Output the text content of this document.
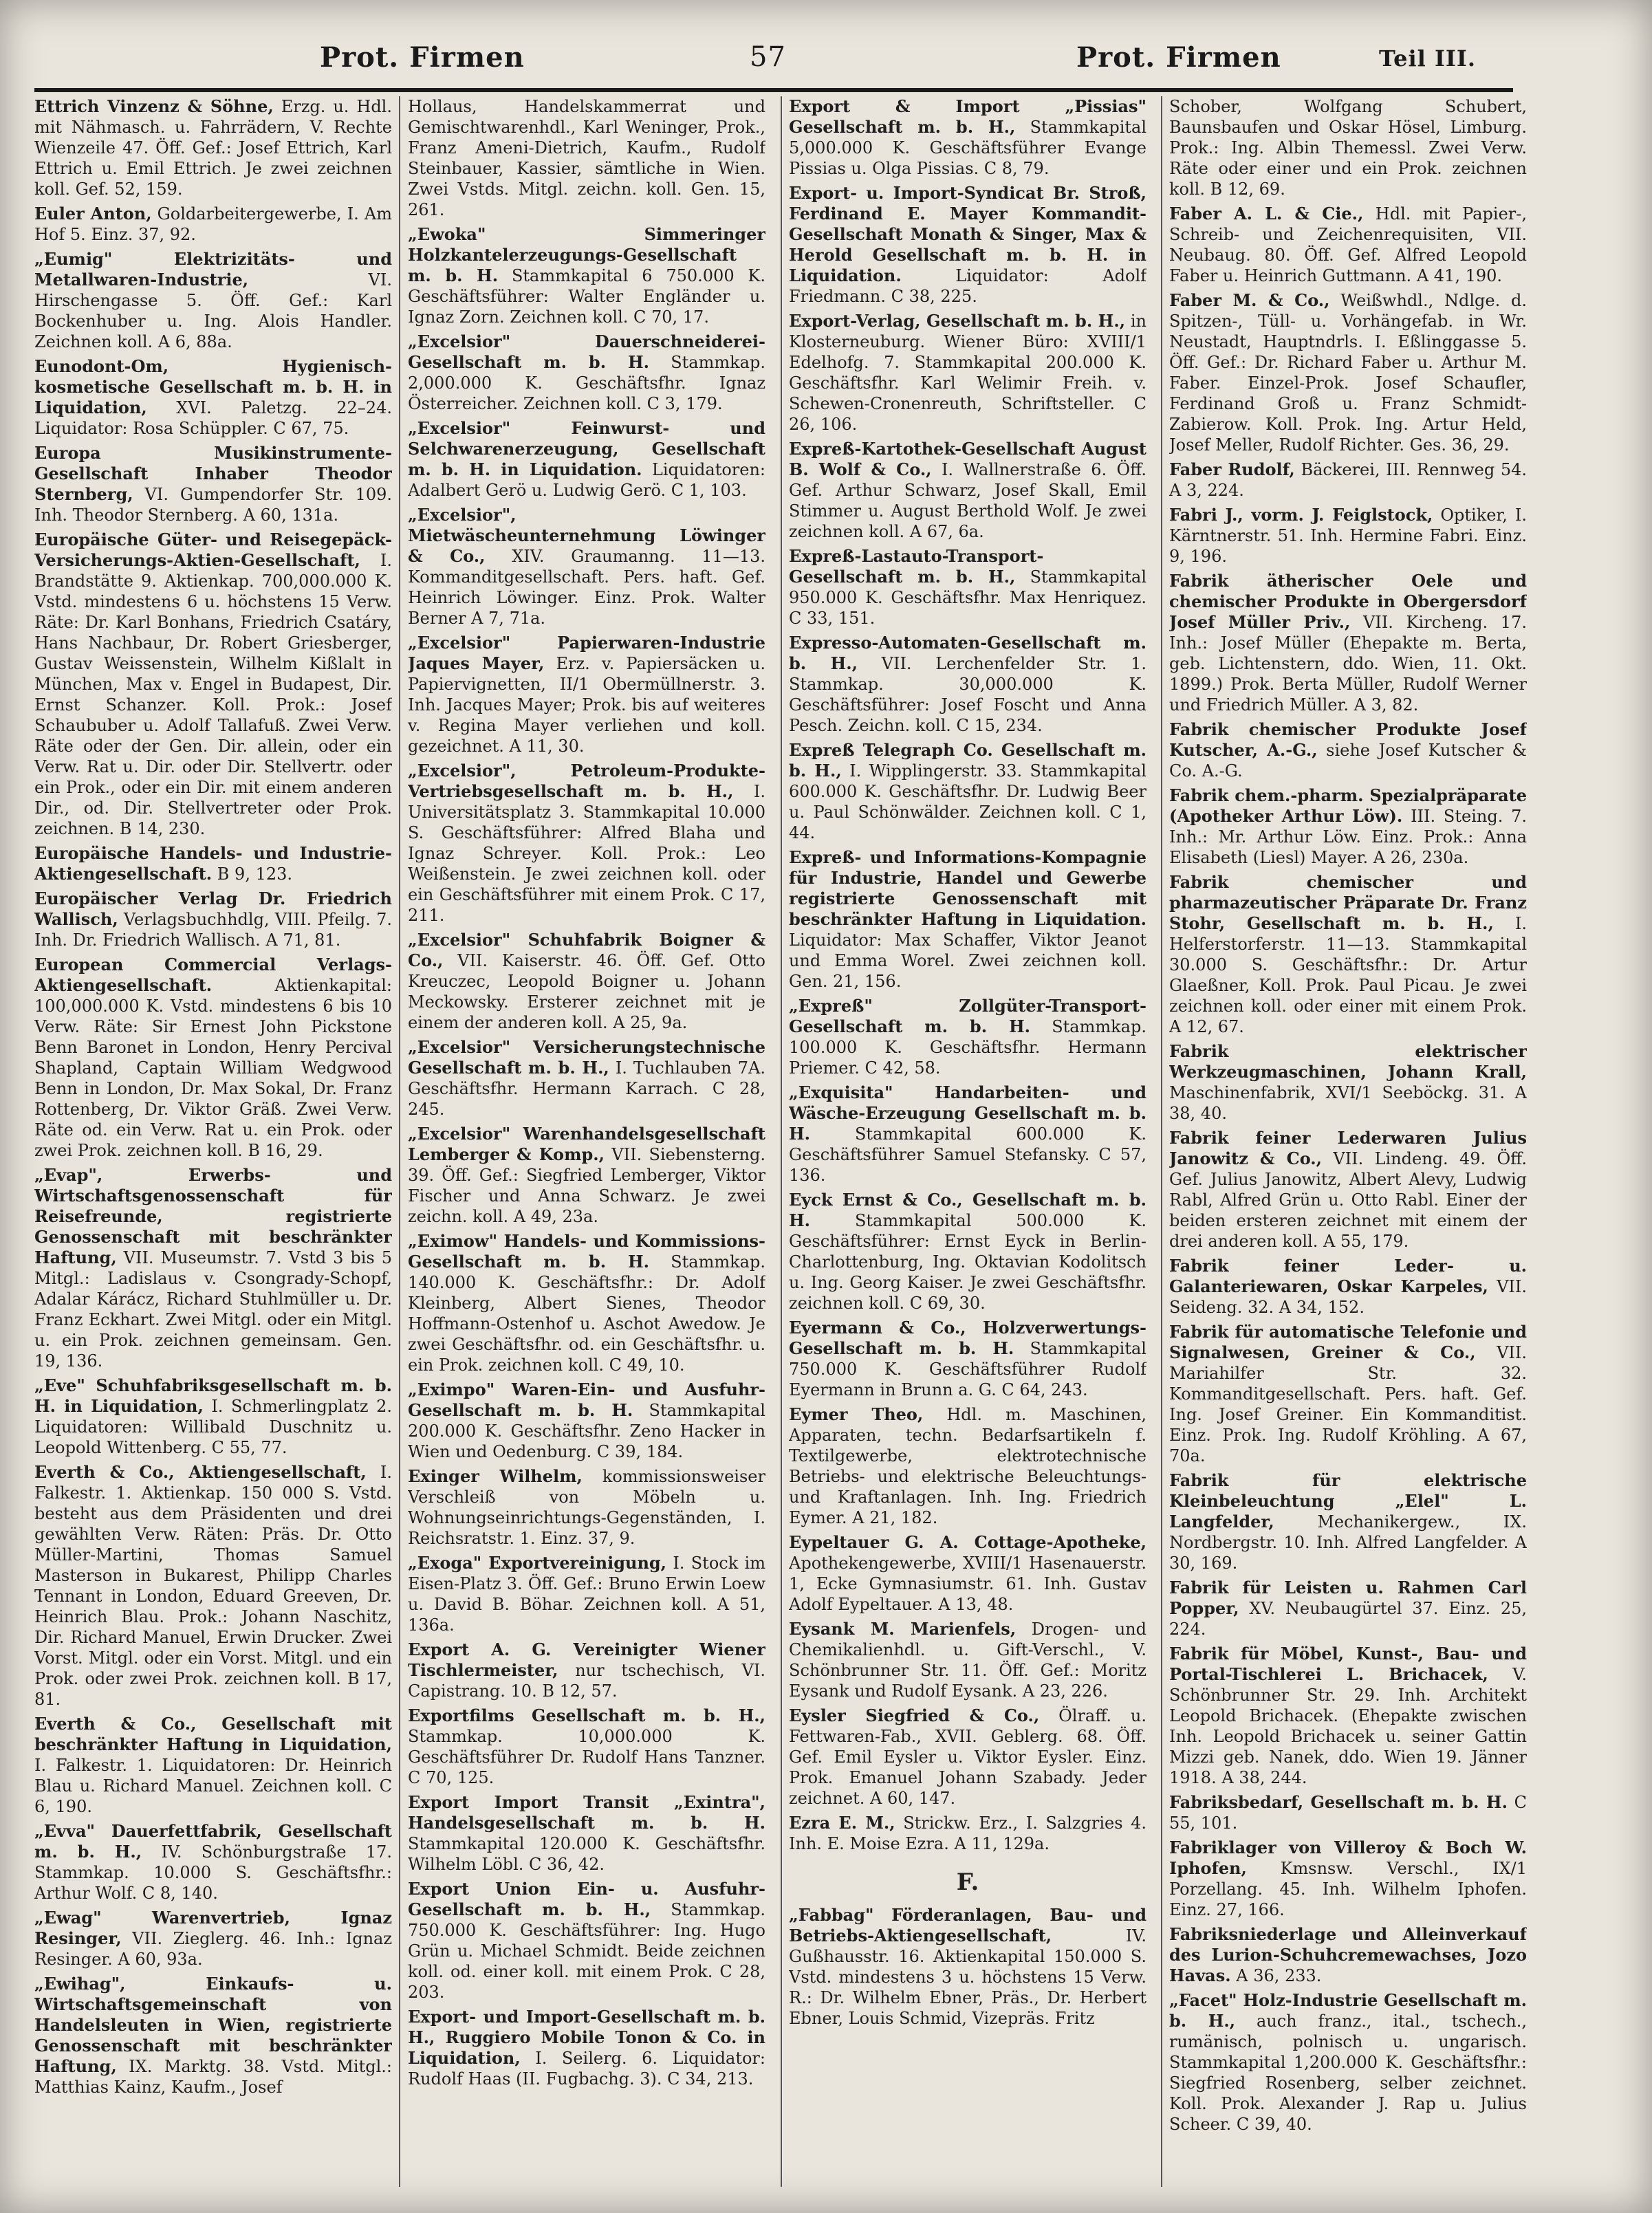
Prot. Firmen	57	Prot. Firmen	Teil III.
Ettrich Vinzenz & Söhne, Erzg. u. Hdl. mit Nähmasch. u. Fahrrädern, V. Rechte Wienzeile 47. Öff. Gef.: Josef Ettrich, Karl Ettrich u. Emil Ettrich. Je zwei zeichnen koll. Gef. 52, 159.
Euler Anton, Goldarbeitergewerbe, I. Am Hof 5. Einz. 37, 92.
„Eumig" Elektrizitäts- und Metallwaren-Industrie,	VI. Hirschengasse 5. Öff. Gef.: Karl Bockenhuber u. Ing. Alois Handler. Zeichnen koll. A 6, 88a.
Eunodont-Om, Hygienisch-kosmetische Gesellschaft m. b. H. in Liquidation, XVI. Paletzg. 22–24. Liquidator: Rosa Schüppler. C 67, 75.
Europa Musikinstrumente-Gesellschaft Inhaber Theodor Sternberg, VI. Gumpendorfer Str. 109. Inh. Theodor Sternberg. A 60, 131a.
Europäische Güter- und Reisegepäck-Versicherungs-Aktien-Gesellschaft, I. Brandstätte 9. Aktienkap. 700,000.000 K. Vstd. mindestens 6 u. höchstens 15 Verw. Räte: Dr. Karl Bonhans, Friedrich Csatáry, Hans Nachbaur, Dr. Robert Griesberger, Gustav Weissenstein, Wilhelm Kißlalt in München, Max v. Engel in Budapest, Dir. Ernst Schanzer. Koll. Prok.: Josef Schaububer u. Adolf Tallafuß. Zwei Verw. Räte oder der Gen. Dir. allein, oder ein Verw. Rat u. Dir. oder Dir. Stellvertr. oder ein Prok., oder ein Dir. mit einem anderen Dir., od. Dir. Stellvertreter oder Prok. zeichnen. B 14, 230.
Europäische Handels- und Industrie-Aktiengesellschaft. B 9, 123.
Europäischer Verlag Dr. Friedrich Wallisch, Verlagsbuchhdlg, VIII. Pfeilg. 7. Inh. Dr. Friedrich Wallisch. A 71, 81.
European Commercial Verlags-Aktiengesellschaft.	Aktienkapital: 100,000.000 K. Vstd. mindestens 6 bis 10 Verw. Räte: Sir Ernest John Pickstone Benn Baronet in London, Henry Percival Shapland, Captain William Wedgwood Benn in London, Dr. Max Sokal, Dr. Franz Rottenberg, Dr. Viktor Gräß. Zwei Verw. Räte od. ein Verw. Rat u. ein Prok. oder zwei Prok. zeichnen koll. B 16, 29.
„Evap", Erwerbs- und Wirtschaftsgenossenschaft für Reisefreunde, registrierte Genossenschaft mit beschränkter Haftung, VII. Museumstr. 7. Vstd 3 bis 5 Mitgl.: Ladislaus v. Csongrady-Schopf, Adalar Kárácz, Richard Stuhlmüller u. Dr. Franz Eckhart. Zwei Mitgl. oder ein Mitgl. u. ein Prok. zeichnen gemeinsam. Gen. 19, 136.
„Eve" Schuhfabriksgesellschaft m. b. H. in Liquidation, I. Schmerlingplatz 2. Liquidatoren: Willibald Duschnitz u. Leopold Wittenberg. C 55, 77.
Everth & Co., Aktiengesellschaft, I. Falkestr. 1. Aktienkap. 150 000 S. Vstd. besteht aus dem Präsidenten und drei gewählten Verw. Räten: Präs. Dr. Otto Müller-Martini, Thomas Samuel Masterson in Bukarest, Philipp Charles Tennant in London, Eduard Greeven, Dr. Heinrich Blau. Prok.: Johann Naschitz, Dir. Richard Manuel, Erwin Drucker. Zwei Vorst. Mitgl. oder ein Vorst. Mitgl. und ein Prok. oder zwei Prok. zeichnen koll. B 17, 81.
Everth & Co., Gesellschaft mit beschränkter Haftung in Liquidation, I. Falkestr. 1. Liquidatoren: Dr. Heinrich Blau u. Richard Manuel. Zeichnen koll. C 6, 190.
„Evva" Dauerfettfabrik, Gesellschaft m. b. H., IV. Schönburgstraße 17. Stammkap. 10.000 S. Geschäftsfhr.: Arthur Wolf. C 8, 140.
„Ewag" Warenvertrieb, Ignaz Resinger, VII. Zieglerg. 46. Inh.: Ignaz Resinger. A 60, 93a.
„Ewihag", Einkaufs- u. Wirtschaftsgemeinschaft von Handelsleuten in Wien, registrierte Genossenschaft mit beschränkter Haftung, IX. Marktg. 38. Vstd. Mitgl.: Matthias Kainz, Kaufm., Josef
Hollaus, Handelskammerrat und Gemischtwarenhdl., Karl Weninger, Prok., Franz Ameni-Dietrich, Kaufm., Rudolf Steinbauer, Kassier, sämtliche in Wien. Zwei Vstds. Mitgl. zeichn. koll. Gen. 15, 261.
„Ewoka" Simmeringer Holzkantelerzeugungs-Gesellschaft m. b. H. Stammkapital 6 750.000 K. Geschäftsführer: Walter Engländer u. Ignaz Zorn. Zeichnen koll. C 70, 17.
„Excelsior" Dauerschneiderei-Gesellschaft m. b. H. Stammkap. 2,000.000 K. Geschäftsfhr. Ignaz Österreicher. Zeichnen koll. C 3, 179.
„Excelsior" Feinwurst- und Selchwarenerzeugung, Gesellschaft m. b. H. in Liquidation. Liquidatoren: Adalbert Gerö u. Ludwig Gerö. C 1, 103.
„Excelsior", Mietwäscheunternehmung Löwinger & Co., XIV. Graumanng. 11—13. Kommanditgesellschaft. Pers. haft. Gef. Heinrich Löwinger. Einz. Prok. Walter Berner A 7, 71a.
„Excelsior" Papierwaren-Industrie Jaques Mayer, Erz. v. Papiersäcken u. Papiervignetten, II/1 Obermüllnerstr. 3. Inh. Jacques Mayer; Prok. bis auf weiteres v. Regina Mayer verliehen und koll. gezeichnet. A 11, 30.
„Excelsior", Petroleum-Produkte-Vertriebsgesellschaft m. b. H., I. Universitätsplatz 3. Stammkapital 10.000 S. Geschäftsführer: Alfred Blaha und Ignaz Schreyer. Koll. Prok.: Leo Weißenstein. Je zwei zeichnen koll. oder ein Geschäftsführer mit einem Prok. C 17, 211.
„Excelsior" Schuhfabrik Boigner & Co., VII. Kaiserstr. 46. Öff. Gef. Otto Kreuczec, Leopold Boigner u. Johann Meckowsky. Ersterer zeichnet mit je einem der anderen koll. A 25, 9a.
„Excelsior" Versicherungstechnische Gesellschaft m. b. H., I. Tuchlauben 7A. Geschäftsfhr. Hermann Karrach. C 28, 245.
„Excelsior" Warenhandelsgesellschaft Lemberger & Komp., VII. Siebensterng. 39. Öff. Gef.: Siegfried Lemberger, Viktor Fischer und Anna Schwarz. Je zwei zeichn. koll. A 49, 23a.
„Eximow" Handels- und Kommissions-Gesellschaft m. b. H. Stammkap. 140.000 K. Geschäftsfhr.: Dr. Adolf Kleinberg, Albert Sienes, Theodor Hoffmann-Ostenhof u. Aschot Awedow. Je zwei Geschäftsfhr. od. ein Geschäftsfhr. u. ein Prok. zeichnen koll. C 49, 10.
„Eximpo" Waren-Ein- und Ausfuhr-Gesellschaft m. b. H. Stammkapital 200.000 K. Geschäftsfhr. Zeno Hacker in Wien und Oedenburg. C 39, 184.
Exinger Wilhelm, kommissionsweiser Verschleiß von Möbeln u. Wohnungseinrichtungs-Gegenständen, I. Reichsratstr. 1. Einz. 37, 9.
„Exoga" Exportvereinigung, I. Stock im Eisen-Platz 3. Öff. Gef.: Bruno Erwin Loew u. David B. Böhar. Zeichnen koll. A 51, 136a.
Export A. G. Vereinigter Wiener Tischlermeister, nur tschechisch, VI. Capistrang. 10. B 12, 57.
Exportfilms Gesellschaft m. b. H., Stammkap. 10,000.000 K. Geschäftsführer Dr. Rudolf Hans Tanzner. C 70, 125.
Export Import Transit „Exintra", Handelsgesellschaft m. b. H. Stammkapital 120.000 K. Geschäftsfhr. Wilhelm Löbl. C 36, 42.
Export Union Ein- u. Ausfuhr-Gesellschaft m. b. H., Stammkap. 750.000 K. Geschäftsführer: Ing. Hugo Grün u. Michael Schmidt. Beide zeichnen koll. od. einer koll. mit einem Prok. C 28, 203.
Export- und Import-Gesellschaft m. b. H., Ruggiero Mobile Tonon & Co. in Liquidation, I. Seilerg. 6. Liquidator: Rudolf Haas (II. Fugbachg. 3). C 34, 213.
Export & Import „Pissias" Gesellschaft m. b. H., Stammkapital 5,000.000 K. Geschäftsführer Evange Pissias u. Olga Pissias. C 8, 79.
Export- u. Import-Syndicat Br. Stroß, Ferdinand E. Mayer Kommandit-Gesellschaft Monath & Singer, Max & Herold Gesellschaft m. b. H. in Liquidation.	Liquidator: Adolf Friedmann. C 38, 225.
Export-Verlag, Gesellschaft m. b. H., in Klosterneuburg. Wiener Büro: XVIII/1 Edelhofg. 7. Stammkapital 200.000 K. Geschäftsfhr. Karl Welimir Freih. v. Schewen-Cronenreuth, Schriftsteller. C 26, 106.
Expreß-Kartothek-Gesellschaft August B. Wolf & Co., I. Wallnerstraße 6. Öff. Gef. Arthur Schwarz, Josef Skall, Emil Stimmer u. August Berthold Wolf. Je zwei zeichnen koll. A 67, 6a.
Expreß-Lastauto-Transport-Gesellschaft m. b. H., Stammkapital 950.000 K. Geschäftsfhr. Max Henriquez. C 33, 151.
Expresso-Automaten-Gesellschaft m. b. H., VII. Lerchenfelder Str. 1. Stammkap. 30,000.000 K. Geschäftsführer: Josef Foscht und Anna Pesch. Zeichn. koll. C 15, 234.
Expreß Telegraph Co. Gesellschaft m. b. H., I. Wipplingerstr. 33. Stammkapital 600.000 K. Geschäftsfhr. Dr. Ludwig Beer u. Paul Schönwälder. Zeichnen koll. C 1, 44.
Expreß- und Informations-Kompagnie für Industrie, Handel und Gewerbe registrierte Genossenschaft mit beschränkter Haftung in Liquidation. Liquidator: Max Schaffer, Viktor Jeanot und Emma Worel. Zwei zeichnen koll. Gen. 21, 156.
„Expreß" Zollgüter-Transport-Gesellschaft m. b. H. Stammkap. 100.000 K. Geschäftsfhr. Hermann Priemer. C 42, 58.
„Exquisita" Handarbeiten- und Wäsche-Erzeugung Gesellschaft m. b. H.	Stammkapital 600.000 K. Geschäftsführer Samuel Stefansky. C 57, 136.
Eyck Ernst & Co., Gesellschaft m. b. H.	Stammkapital 500.000 K. Geschäftsführer: Ernst Eyck in Berlin-Charlottenburg, Ing. Oktavian Kodolitsch u. Ing. Georg Kaiser. Je zwei Geschäftsfhr. zeichnen koll. C 69, 30.
Eyermann & Co., Holzverwertungs-Gesellschaft m. b. H. Stammkapital 750.000 K. Geschäftsführer Rudolf Eyermann in Brunn a. G. C 64, 243.
Eymer Theo, Hdl. m. Maschinen, Apparaten, techn. Bedarfsartikeln f. Textilgewerbe, elektrotechnische Betriebs- und elektrische Beleuchtungs- und Kraftanlagen. Inh. Ing. Friedrich Eymer. A 21, 182.
Eypeltauer G. A. Cottage-Apotheke, Apothekengewerbe, XVIII/1 Hasenauerstr. 1, Ecke Gymnasiumstr. 61. Inh. Gustav Adolf Eypeltauer. A 13, 48.
Eysank M. Marienfels, Drogen- und Chemikalienhdl. u. Gift-Verschl., V. Schönbrunner Str. 11. Öff. Gef.: Moritz Eysank und Rudolf Eysank. A 23, 226.
Eysler Siegfried & Co., Ölraff. u. Fettwaren-Fab., XVII. Geblerg. 68. Öff. Gef. Emil Eysler u. Viktor Eysler. Einz. Prok. Emanuel Johann Szabady. Jeder zeichnet. A 60, 147.
Ezra E. M., Strickw. Erz., I. Salzgries 4. Inh. E. Moise Ezra. A 11, 129a.
F.
„Fabbag" Förderanlagen, Bau- und Betriebs-Aktiengesellschaft,	IV. Gußhausstr. 16. Aktienkapital 150.000 S. Vstd. mindestens 3 u. höchstens 15 Verw. R.: Dr. Wilhelm Ebner, Präs., Dr. Herbert Ebner, Louis Schmid, Vizepräs. Fritz
Schober, Wolfgang Schubert, Baunsbaufen und Oskar Hösel, Limburg. Prok.: Ing. Albin Themessl. Zwei Verw. Räte oder einer und ein Prok. zeichnen koll. B 12, 69.
Faber A. L. & Cie., Hdl. mit Papier-, Schreib- und Zeichenrequisiten, VII. Neubaug. 80. Öff. Gef. Alfred Leopold Faber u. Heinrich Guttmann. A 41, 190.
Faber M. & Co., Weißwhdl., Ndlge. d. Spitzen-, Tüll- u. Vorhängefab. in Wr. Neustadt, Hauptndrls. I. Eßlinggasse 5. Öff. Gef.: Dr. Richard Faber u. Arthur M. Faber. Einzel-Prok. Josef Schaufler, Ferdinand Groß u. Franz Schmidt-Zabierow. Koll. Prok. Ing. Artur Held, Josef Meller, Rudolf Richter. Ges. 36, 29.
Faber Rudolf, Bäckerei, III. Rennweg 54. A 3, 224.
Fabri J., vorm. J. Feiglstock, Optiker, I. Kärntnerstr. 51. Inh. Hermine Fabri. Einz. 9, 196.
Fabrik ätherischer Oele und chemischer Produkte in Obergersdorf Josef Müller Priv., VII. Kircheng. 17. Inh.: Josef Müller (Ehepakte m. Berta, geb. Lichtenstern, ddo. Wien, 11. Okt. 1899.) Prok. Berta Müller, Rudolf Werner und Friedrich Müller. A 3, 82.
Fabrik chemischer Produkte Josef Kutscher, A.-G., siehe Josef Kutscher & Co. A.-G.
Fabrik chem.-pharm. Spezialpräparate (Apotheker Arthur Löw). III. Steing. 7. Inh.: Mr. Arthur Löw. Einz. Prok.: Anna Elisabeth (Liesl) Mayer. A 26, 230a.
Fabrik chemischer und pharmazeutischer Präparate Dr. Franz Stohr, Gesellschaft m. b. H., I. Helferstorferstr. 11—13. Stammkapital 30.000 S. Geschäftsfhr.: Dr. Artur Glaeßner, Koll. Prok. Paul Picau. Je zwei zeichnen koll. oder einer mit einem Prok. A 12, 67.
Fabrik elektrischer Werkzeugmaschinen, Johann Krall, Maschinenfabrik, XVI/1 Seeböckg. 31. A 38, 40.
Fabrik feiner Lederwaren Julius Janowitz & Co., VII. Lindeng. 49. Öff. Gef. Julius Janowitz, Albert Alevy, Ludwig Rabl, Alfred Grün u. Otto Rabl. Einer der beiden ersteren zeichnet mit einem der drei anderen koll. A 55, 179.
Fabrik feiner Leder- u. Galanteriewaren, Oskar Karpeles, VII. Seideng. 32. A 34, 152.
Fabrik für automatische Telefonie und Signalwesen, Greiner & Co., VII. Mariahilfer Str. 32. Kommanditgesellschaft. Pers. haft. Gef. Ing. Josef Greiner. Ein Kommanditist. Einz. Prok. Ing. Rudolf Kröhling. A 67, 70a.
Fabrik für elektrische Kleinbeleuchtung „Elel" L. Langfelder,	Mechanikergew., IX. Nordbergstr. 10. Inh. Alfred Langfelder. A 30, 169.
Fabrik für Leisten u. Rahmen Carl Popper, XV. Neubaugürtel 37. Einz. 25, 224.
Fabrik für Möbel, Kunst-, Bau- und Portal-Tischlerei L. Brichacek, V. Schönbrunner Str. 29. Inh. Architekt Leopold Brichacek. (Ehepakte zwischen Inh. Leopold Brichacek u. seiner Gattin Mizzi geb. Nanek, ddo. Wien 19. Jänner 1918. A 38, 244.
Fabriksbedarf, Gesellschaft m. b. H. C 55, 101.
Fabriklager von Villeroy & Boch W. Iphofen, Kmsnsw. Verschl., IX/1 Porzellang. 45. Inh. Wilhelm Iphofen. Einz. 27, 166.
Fabriksniederlage und Alleinverkauf des Lurion-Schuhcremewachses, Jozo Havas. A 36, 233.
„Facet" Holz-Industrie Gesellschaft m. b. H., auch franz., ital., tschech., rumänisch, polnisch u. ungarisch. Stammkapital 1,200.000 K. Geschäftsfhr.: Siegfried Rosenberg, selber zeichnet. Koll. Prok. Alexander J. Rap u. Julius Scheer. C 39, 40.
